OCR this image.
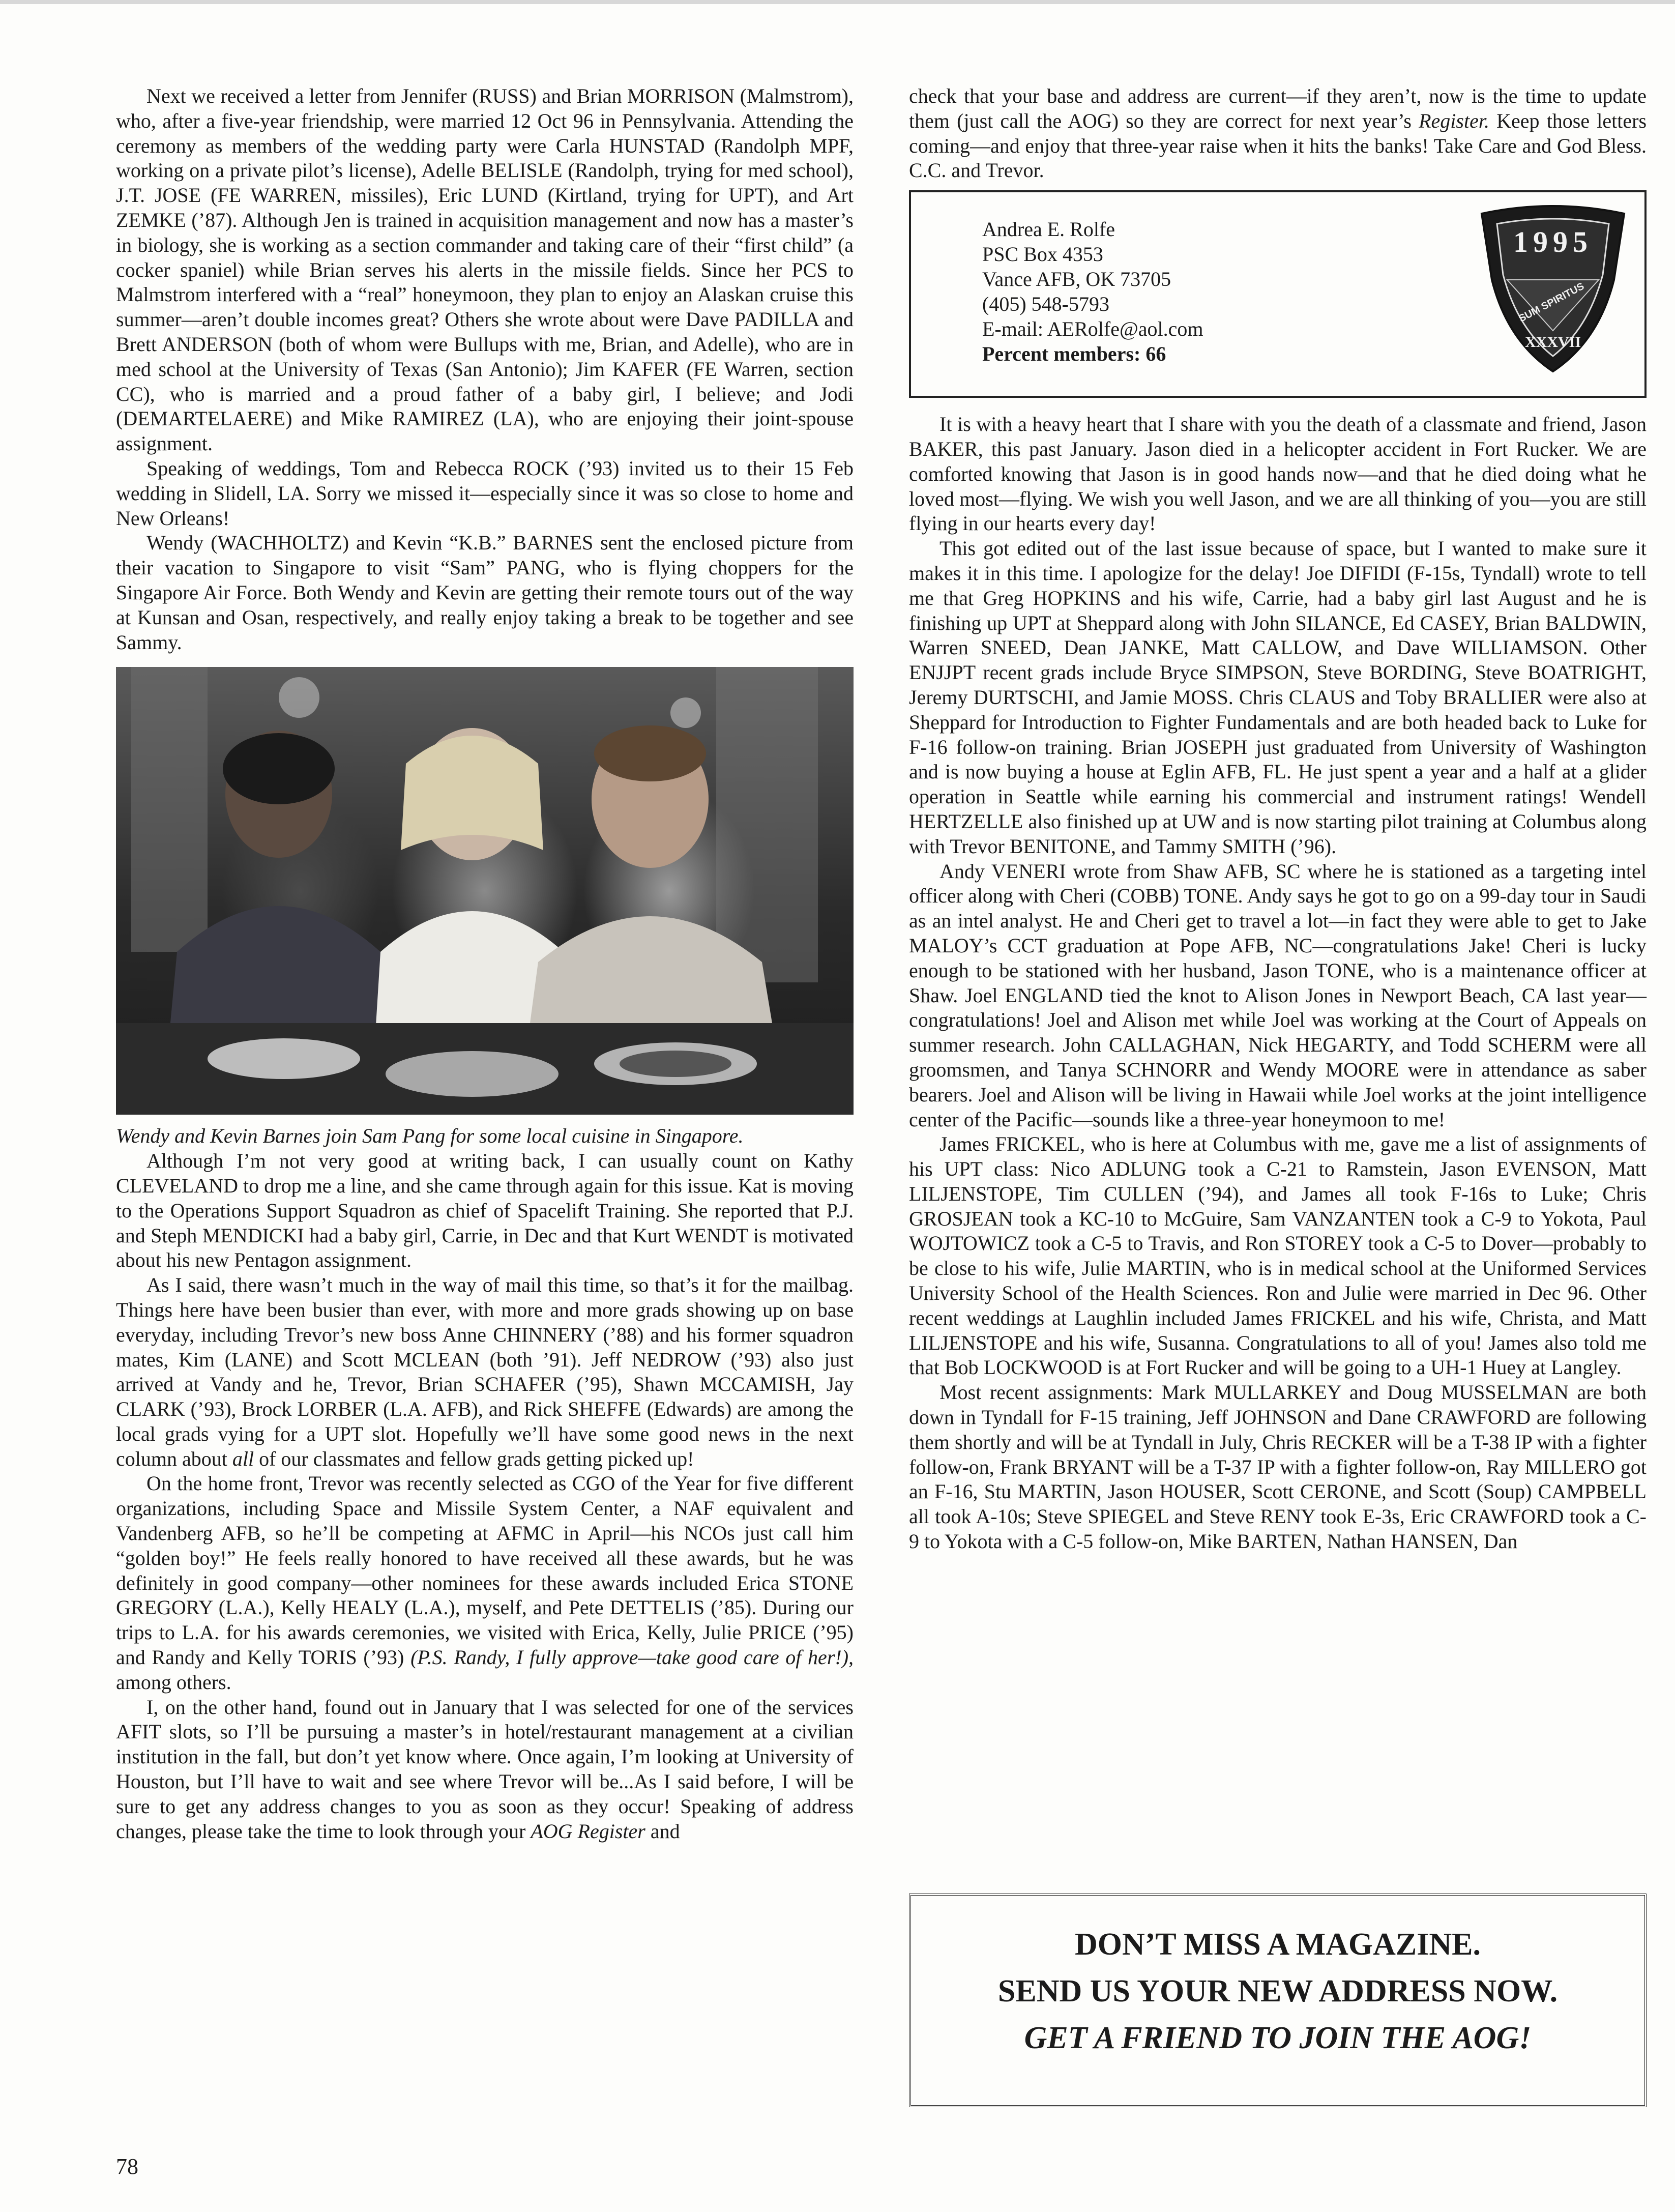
Next we received a letter from Jennifer (RUSS) and Brian MORRISON (Malmstrom), who, after a five-year friendship, were married 12 Oct 96 in Pennsylvania. Attending the ceremony as members of the wedding party were Carla HUNSTAD (Randolph MPF, working on a private pilot’s license), Adelle BELISLE (Randolph, trying for med school), J.T. JOSE (FE WARREN, missiles), Eric LUND (Kirtland, trying for UPT), and Art ZEMKE (’87). Although Jen is trained in acquisition management and now has a master’s in biology, she is working as a section commander and taking care of their “first child” (a cocker spaniel) while Brian serves his alerts in the missile fields. Since her PCS to Malmstrom interfered with a “real” honeymoon, they plan to enjoy an Alaskan cruise this summer—aren’t double incomes great? Others she wrote about were Dave PADILLA and Brett ANDERSON (both of whom were Bullups with me, Brian, and Adelle), who are in med school at the University of Texas (San Antonio); Jim KAFER (FE Warren, section CC), who is married and a proud father of a baby girl, I believe; and Jodi (DEMARTELAERE) and Mike RAMIREZ (LA), who are enjoying their joint-spouse assignment.

Speaking of weddings, Tom and Rebecca ROCK (’93) invited us to their 15 Feb wedding in Slidell, LA. Sorry we missed it—especially since it was so close to home and New Orleans!

Wendy (WACHHOLTZ) and Kevin “K.B.” BARNES sent the enclosed picture from their vacation to Singapore to visit “Sam” PANG, who is flying choppers for the Singapore Air Force. Both Wendy and Kevin are getting their remote tours out of the way at Kunsan and Osan, respectively, and really enjoy taking a break to be together and see Sammy.

Wendy and Kevin Barnes join Sam Pang for some local cuisine in Singapore.

Although I’m not very good at writing back, I can usually count on Kathy CLEVELAND to drop me a line, and she came through again for this issue. Kat is moving to the Operations Support Squadron as chief of Spacelift Training. She reported that P.J. and Steph MENDICKI had a baby girl, Carrie, in Dec and that Kurt WENDT is motivated about his new Pentagon assignment.

As I said, there wasn’t much in the way of mail this time, so that’s it for the mailbag. Things here have been busier than ever, with more and more grads showing up on base everyday, including Trevor’s new boss Anne CHINNERY (’88) and his former squadron mates, Kim (LANE) and Scott MCLEAN (both ’91). Jeff NEDROW (’93) also just arrived at Vandy and he, Trevor, Brian SCHAFER (’95), Shawn MCCAMISH, Jay CLARK (’93), Brock LORBER (L.A. AFB), and Rick SHEFFE (Edwards) are among the local grads vying for a UPT slot. Hopefully we’ll have some good news in the next column about all of our classmates and fellow grads getting picked up!

On the home front, Trevor was recently selected as CGO of the Year for five different organizations, including Space and Missile System Center, a NAF equivalent and Vandenberg AFB, so he’ll be competing at AFMC in April—his NCOs just call him “golden boy!” He feels really honored to have received all these awards, but he was definitely in good company—other nominees for these awards included Erica STONE GREGORY (L.A.), Kelly HEALY (L.A.), myself, and Pete DETTELIS (’85). During our trips to L.A. for his awards ceremonies, we visited with Erica, Kelly, Julie PRICE (’95) and Randy and Kelly TORIS (’93) (P.S. Randy, I fully approve—take good care of her!), among others.

I, on the other hand, found out in January that I was selected for one of the services AFIT slots, so I’ll be pursuing a master’s in hotel/restaurant management at a civilian institution in the fall, but don’t yet know where. Once again, I’m looking at University of Houston, but I’ll have to wait and see where Trevor will be...As I said before, I will be sure to get any address changes to you as soon as they occur! Speaking of address changes, please take the time to look through your AOG Register and

check that your base and address are current—if they aren’t, now is the time to update them (just call the AOG) so they are correct for next year’s Register. Keep those letters coming—and enjoy that three-year raise when it hits the banks! Take Care and God Bless. C.C. and Trevor.

Andrea E. Rolfe
PSC Box 4353
Vance AFB, OK 73705
(405) 548-5793
E-mail: AERolfe@aol.com
Percent members: 66
1995
SUM SPIRITUS
XXXVII

It is with a heavy heart that I share with you the death of a classmate and friend, Jason BAKER, this past January. Jason died in a helicopter accident in Fort Rucker. We are comforted knowing that Jason is in good hands now—and that he died doing what he loved most—flying. We wish you well Jason, and we are all thinking of you—you are still flying in our hearts every day!

This got edited out of the last issue because of space, but I wanted to make sure it makes it in this time. I apologize for the delay! Joe DIFIDI (F-15s, Tyndall) wrote to tell me that Greg HOPKINS and his wife, Carrie, had a baby girl last August and he is finishing up UPT at Sheppard along with John SILANCE, Ed CASEY, Brian BALDWIN, Warren SNEED, Dean JANKE, Matt CALLOW, and Dave WILLIAMSON. Other ENJJPT recent grads include Bryce SIMPSON, Steve BORDING, Steve BOATRIGHT, Jeremy DURTSCHI, and Jamie MOSS. Chris CLAUS and Toby BRALLIER were also at Sheppard for Introduction to Fighter Fundamentals and are both headed back to Luke for F-16 follow-on training. Brian JOSEPH just graduated from University of Washington and is now buying a house at Eglin AFB, FL. He just spent a year and a half at a glider operation in Seattle while earning his commercial and instrument ratings! Wendell HERTZELLE also finished up at UW and is now starting pilot training at Columbus along with Trevor BENITONE, and Tammy SMITH (’96).

Andy VENERI wrote from Shaw AFB, SC where he is stationed as a targeting intel officer along with Cheri (COBB) TONE. Andy says he got to go on a 99-day tour in Saudi as an intel analyst. He and Cheri get to travel a lot—in fact they were able to get to Jake MALOY’s CCT graduation at Pope AFB, NC—congratulations Jake! Cheri is lucky enough to be stationed with her husband, Jason TONE, who is a maintenance officer at Shaw. Joel ENGLAND tied the knot to Alison Jones in Newport Beach, CA last year—congratulations! Joel and Alison met while Joel was working at the Court of Appeals on summer research. John CALLAGHAN, Nick HEGARTY, and Todd SCHERM were all groomsmen, and Tanya SCHNORR and Wendy MOORE were in attendance as saber bearers. Joel and Alison will be living in Hawaii while Joel works at the joint intelligence center of the Pacific—sounds like a three-year honeymoon to me!

James FRICKEL, who is here at Columbus with me, gave me a list of assignments of his UPT class: Nico ADLUNG took a C-21 to Ramstein, Jason EVENSON, Matt LILJENSTOPE, Tim CULLEN (’94), and James all took F-16s to Luke; Chris GROSJEAN took a KC-10 to McGuire, Sam VANZANTEN took a C-9 to Yokota, Paul WOJTOWICZ took a C-5 to Travis, and Ron STOREY took a C-5 to Dover—probably to be close to his wife, Julie MARTIN, who is in medical school at the Uniformed Services University School of the Health Sciences. Ron and Julie were married in Dec 96. Other recent weddings at Laughlin included James FRICKEL and his wife, Christa, and Matt LILJENSTOPE and his wife, Susanna. Congratulations to all of you! James also told me that Bob LOCKWOOD is at Fort Rucker and will be going to a UH-1 Huey at Langley.

Most recent assignments: Mark MULLARKEY and Doug MUSSELMAN are both down in Tyndall for F-15 training, Jeff JOHNSON and Dane CRAWFORD are following them shortly and will be at Tyndall in July, Chris RECKER will be a T-38 IP with a fighter follow-on, Frank BRYANT will be a T-37 IP with a fighter follow-on, Ray MILLERO got an F-16, Stu MARTIN, Jason HOUSER, Scott CERONE, and Scott (Soup) CAMPBELL all took A-10s; Steve SPIEGEL and Steve RENY took E-3s, Eric CRAWFORD took a C-9 to Yokota with a C-5 follow-on, Mike BARTEN, Nathan HANSEN, Dan

DON’T MISS A MAGAZINE.
SEND US YOUR NEW ADDRESS NOW.
GET A FRIEND TO JOIN THE AOG!
78
